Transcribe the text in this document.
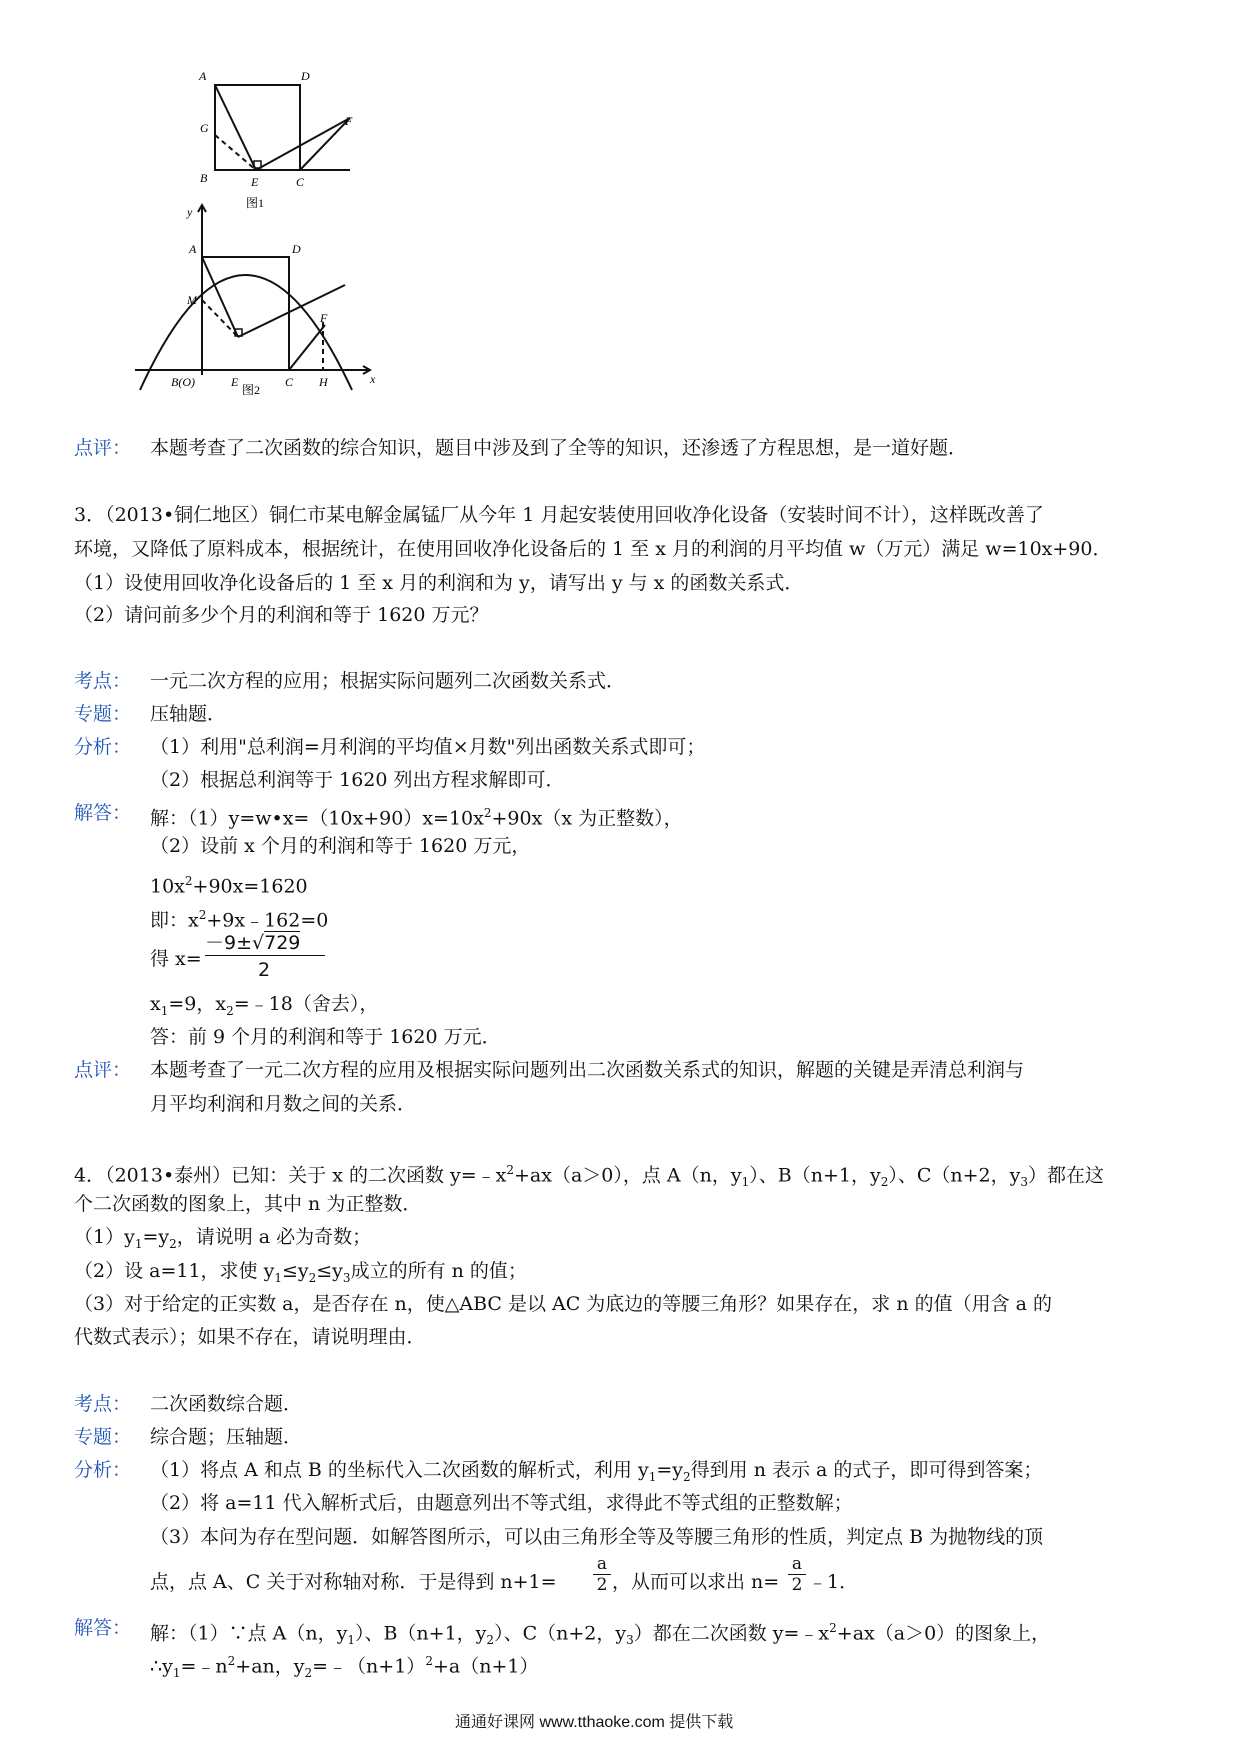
A	D
G	F
B	E	C
图1
y
A	D
M
F
B(O)	E	C H	x
图2
点评： 本题考查了二次函数的综合知识，题目中涉及到了全等的知识，还渗透了方程思想，是一道好题．
3．（2013•铜仁地区）铜仁市某电解金属锰厂从今年 1 月起安装使用回收净化设备（安装时间不计），这样既改善了
环境，又降低了原料成本，根据统计，在使用回收净化设备后的 1 至 x 月的利润的月平均值 w（万元）满足 w=10x+90．
（1）设使用回收净化设备后的 1 至 x 月的利润和为 y，请写出 y 与 x 的函数关系式．
（2）请问前多少个月的利润和等于 1620 万元？
考点： 一元二次方程的应用；根据实际问题列二次函数关系式．
专题： 压轴题．
分析： （1）利用"总利润=月利润的平均值×月数"列出函数关系式即可；
（2）根据总利润等于 1620 列出方程求解即可．
解答： 解：$(1)y=w•x=(10x+90)x=10x^2+90x(x$ 为正整数），
（2）设前 x 个月的利润和等于 1620 万元，
$10x^2+90x=1620$
即：$x^2+9x﹣162=0$
得 x=
－9±√729
2
$x_1=9$，$x_2=﹣18$（舍去），
答：前 9 个月的利润和等于 1620 万元．
点评： 本题考查了一元二次方程的应用及根据实际问题列出二次函数关系式的知识，解题的关键是弄清总利润与
月平均利润和月数之间的关系．
4．（2013•泰州）已知：关于 x 的二次函数 $y=﹣x^2+ax(a>0)$，点 A（n，$y_1$）、B（n+1，$y_2$）、C（n+2，$y_3$）都在这
个二次函数的图象上，其中 n 为正整数．
$(1)y_1=y_2$，请说明 a 必为奇数；
（2）设 a=11，求使 $y_1\le y_2\le y_3$成立的所有 n 的值；
（3）对于给定的正实数 a，是否存在 n，使△ABC 是以 AC 为底边的等腰三角形？如果存在，求 n 的值（用含 a 的
代数式表示）；如果不存在，请说明理由．
考点： 二次函数综合题．
专题： 综合题；压轴题．
分析： （1）将点 A 和点 B 的坐标代入二次函数的解析式，利用 $y_1=y_2$得到用 n 表示 a 的式子，即可得到答案；
（2）将 a=11 代入解析式后，由题意列出不等式组，求得此不等式组的正整数解；
（3）本问为存在型问题．如解答图所示，可以由三角形全等及等腰三角形的性质，判定点 B 为抛物线的顶
点，点 A、C 关于对称轴对称．于是得到 $n+1= \frac{a}{2}$ ，从而可以求出 $n= \frac{a}{2}$ ﹣1．
解答： 解：（1）∵点 A（n，$y_1$）、B（n+1，$y_2$）、C（n+2，$y_3$）都在二次函数 $y=﹣x^2+ax(a>0)$的图象上，
$\therefore y_1=﹣n^2+an$，$y_2=﹣(n+1)^2+a(n+1)$
通通好课网 www.tthaoke.com 提供下载
